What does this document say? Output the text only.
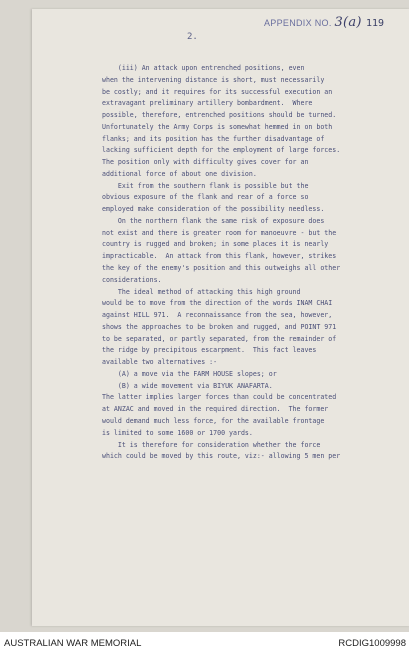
APPENDIX NO. 3(a) 119
2.
(iii) An attack upon entrenched positions, even
when the intervening distance is short, must necessarily
be costly; and it requires for its successful execution an
extravagant preliminary artillery bombardment.  Where
possible, therefore, entrenched positions should be turned.
Unfortunately the Army Corps is somewhat hemmed in on both
flanks; and its position has the further disadvantage of
lacking sufficient depth for the employment of large forces.
The position only with difficulty gives cover for an
additional force of about one division.
Exit from the southern flank is possible but the
obvious exposure of the flank and rear of a force so
employed make consideration of the possibility needless.
On the northern flank the same risk of exposure does
not exist and there is greater room for manoeuvre - but the
country is rugged and broken; in some places it is nearly
impracticable.  An attack from this flank, however, strikes
the key of the enemy's position and this outweighs all other
considerations.
The ideal method of attacking this high ground
would be to move from the direction of the words INAM CHAI
against HILL 971.  A reconnaissance from the sea, however,
shows the approaches to be broken and rugged, and POINT 971
to be separated, or partly separated, from the remainder of
the ridge by precipitous escarpment.  This fact leaves
available two alternatives :-
(A) a move via the FARM HOUSE slopes; or
(B) a wide movement via BIYUK ANAFARTA.
The latter implies larger forces than could be concentrated
at ANZAC and moved in the required direction.  The former
would demand much less force, for the available frontage
is limited to some 1600 or 1700 yards.
It is therefore for consideration whether the force
which could be moved by this route, viz:- allowing 5 men per
AUSTRALIAN WAR MEMORIAL	RCDIG1009998
